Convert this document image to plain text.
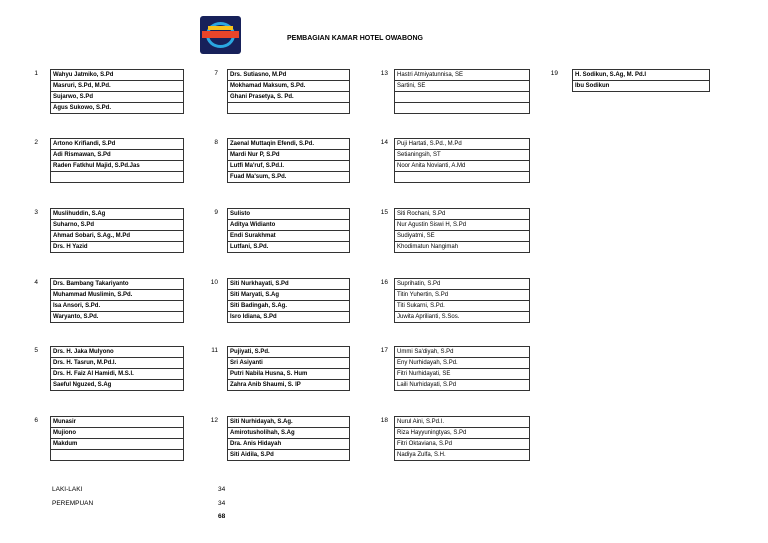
PEMBAGIAN KAMAR HOTEL OWABONG
1	Wahyu Jatmiko, S.Pd
Masruri, S.Pd, M.Pd.
Sujarwo, S.Pd
Agus Sukowo, S.Pd.
2	Artono Krifiandi, S.Pd
Adi Rismawan, S.Pd
Raden Fatkhul Majid, S.Pd.Jas
3	Muslihuddin, S.Ag
Suharno, S.Pd
Ahmad Sobari, S.Ag., M.Pd
Drs. H Yazid
4	Drs. Bambang Takariyanto
Muhammad Muslimin, S.Pd.
Isa Ansori, S.Pd.
Waryanto, S.Pd.
5	Drs. H. Jaka Mulyono
Drs. H. Tasrun, M.Pd.I.
Drs. H. Faiz Al Hamidi, M.S.I.
Saeful Nguzed, S.Ag
6	Munasir
Mujiono
Makdum
7	Drs. Sutiasno, M.Pd
Mokhamad Maksum, S.Pd.
Ghani Prasetya, S. Pd.
8	Zaenal Muttaqin Efendi, S.Pd.
Mardi Nur P, S.Pd
Lutfi Ma'ruf, S.Pd.I.
Fuad Ma'sum, S.Pd.
9	Sulisto
Aditya Widianto
Endi Surakhmat
Lutfani, S.Pd.
10	Siti Nurkhayati, S.Pd
Siti Maryati, S.Ag
Siti Badingah, S.Ag.
Isro Idiana, S.Pd
11	Pujiyati, S.Pd.
Sri Asiyanti
Putri Nabila Husna, S. Hum
Zahra Anib Shaumi, S. IP
12	Siti Nurhidayah, S.Ag.
Amirotusholihah, S.Ag
Dra. Anis Hidayah
Siti Aidila, S.Pd
13	Hastri Atmiyatunnisa, SE
Sartini, SE
14	Puji Hartati, S.Pd., M.Pd
Setianingsih, ST
Noor Anita Novianti, A.Md
15	Siti Rochani, S.Pd
Nur Agustin Siswi H, S.Pd
Sudiyatmi, SE
Khodimatun Nangimah
16	Suprihatin, S.Pd
Titin Yuhertin, S.Pd
Titi Sukarni, S.Pd.
Juwita Aprilianti, S.Sos.
17	Ummi Sa'diyah, S.Pd
Eny Nurhidayah, S.Pd.
Fitri Nurhidayati, SE
Laili Nurhidayati, S.Pd
18	Nurul Aini, S.Pd.I.
Riza Hayyuningtyas, S.Pd
Fitri Oktaviana, S.Pd
Nadiya Zulfa, S.H.
19	H. Sodikun, S.Ag, M. Pd.I
Ibu Sodikun
LAKI-LAKI	34
PEREMPUAN	34
68
